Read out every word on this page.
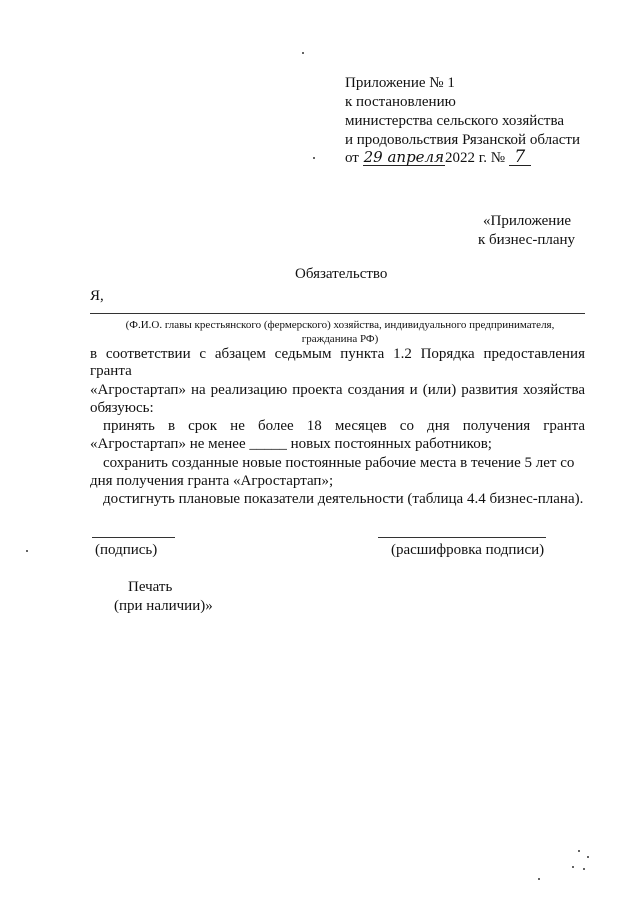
Приложение № 1
к постановлению
министерства сельского хозяйства
и продовольствия Рязанской области
от 29 апреля2022 г. № 7
«Приложение
к бизнес-плану
Обязательство
Я,
(Ф.И.О. главы крестьянского (фермерского) хозяйства, индивидуального предпринимателя,
гражданина РФ)
в соответствии с абзацем седьмым пункта 1.2 Порядка предоставления
гранта
«Агростартап» на реализацию проекта создания и (или) развития хозяйства
обязуюсь:
принять в срок не более 18 месяцев со дня получения гранта
«Агростартап» не менее _____ новых постоянных работников;
сохранить созданные новые постоянные рабочие места в течение 5 лет со
дня получения гранта «Агростартап»;
достигнуть плановые показатели деятельности (таблица 4.4 бизнес-плана).
(подпись)	(расшифровка подписи)
Печать
(при наличии)»
